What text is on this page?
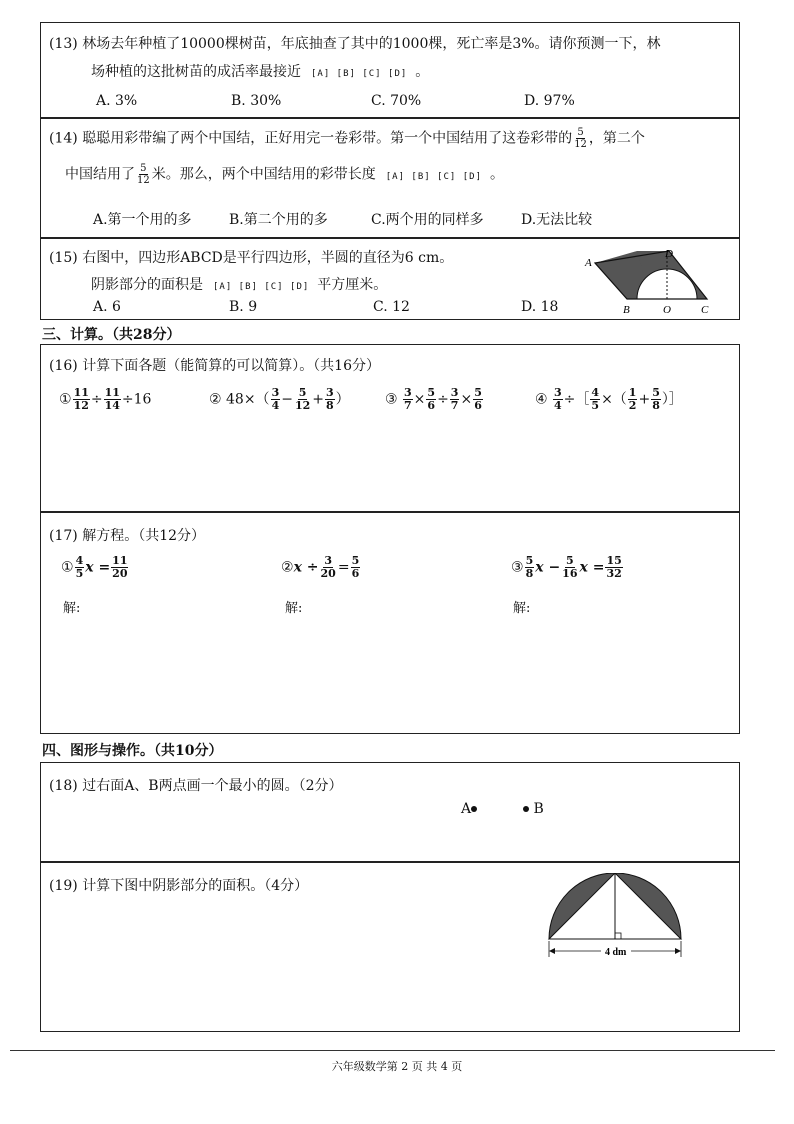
(13) 林场去年种植了10000棵树苗，年底抽查了其中的1000棵，死亡率是3%。请你预测一下，林
场种植的这批树苗的成活率最接近 [A] [B] [C] [D] 。
A. 3%	B. 30%	C. 70%	D. 97%
(14) 聪聪用彩带编了两个中国结，正好用完一卷彩带。第一个中国结用了这卷彩带的 $\frac{5}{12}$ ，第二个
中国结用了 $\frac{5}{12}$ 米。那么，两个中国结用的彩带长度 [A] [B] [C] [D] 。
A.第一个用的多	B.第二个用的多	C.两个用的同样多	D.无法比较
(15) 右图中，四边形ABCD是平行四边形，半圆的直径为6 cm。
阴影部分的面积是 [A] [B] [C] [D] 平方厘米。
A. 6	B. 9	C. 12	D. 18
A
D
B	O	C
三、计算。（共28分）
(16) 计算下面各题（能简算的可以简算）。（共16分）
① $\frac{11}{12} \div \frac{11}{14} \div 16$	② $48\times( \frac{3}{4} - \frac{5}{12} + \frac{3}{8}$ ）	③ $\frac{3}{7} \times \frac{5}{6} \div \frac{3}{7} \times \frac{5}{6}$	④ $\frac{3}{4}$ ÷［ $\frac{4}{5}$ ×（ $\frac{1}{2} + \frac{5}{8}$ ）］
(17) 解方程。（共12分）
① $\frac{4}{5}$ $x = \frac{11}{20}$	②x ÷ $\frac{3}{20} = \frac{5}{6}$	③ $\frac{5}{8}$ $x - \frac{5}{16}$ $x = \frac{15}{32}$
解:	解:	解:
四、图形与操作。（共10分）
(18) 过右面A、B两点画一个最小的圆。（2分）
A	B
(19) 计算下图中阴影部分的面积。（4分）
4 dm
六年级数学第 2 页 共 4 页
